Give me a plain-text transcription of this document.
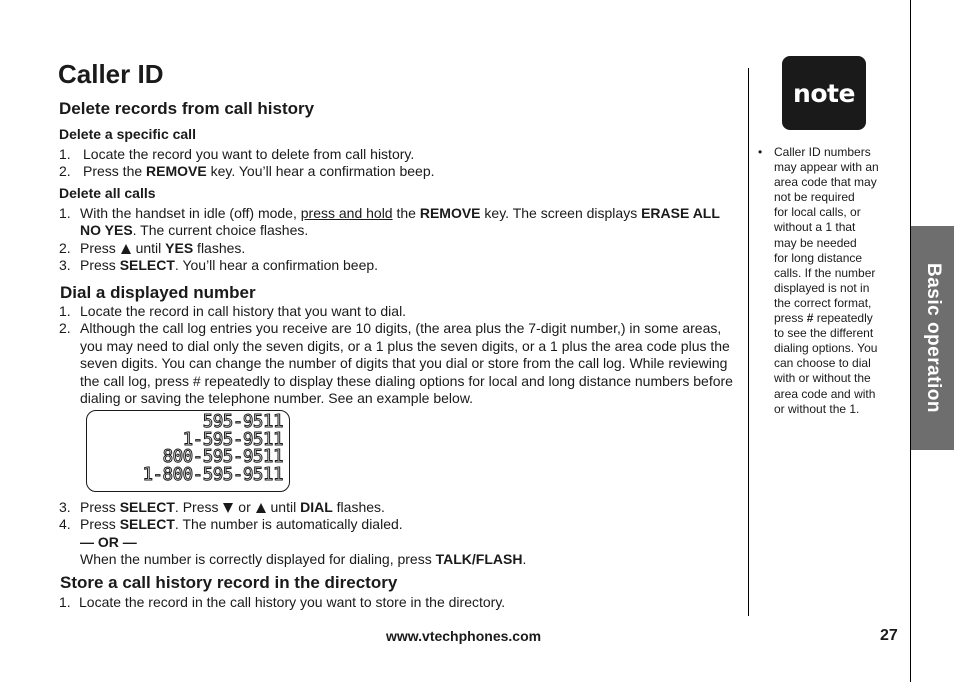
Basic operation
Caller ID
Delete records from call history
Delete a specific call
1. Locate the record you want to delete from call history.
2. Press the REMOVE key. You’ll hear a confirmation beep.
Delete all calls
1. With the handset in idle (off) mode, press and hold the REMOVE key. The screen displays ERASE ALL NO YES. The current choice flashes.
2. Press  until YES flashes.
3. Press SELECT. You’ll hear a confirmation beep.
Dial a displayed number
1. Locate the record in call history that you want to dial.
2. Although the call log entries you receive are 10 digits, (the area plus the 7-digit number,) in some areas, you may need to dial only the seven digits, or a 1 plus the seven digits, or a 1 plus the area code plus the seven digits. You can change the number of digits that you dial or store from the call log. While reviewing the call log, press # repeatedly to display these dialing options for local and long distance numbers before dialing or saving the telephone number. See an example below.
595-9511
1-595-9511
800-595-9511
1-800-595-9511
3. Press SELECT. Press  or  until DIAL flashes.
4. Press SELECT. The number is automatically dialed.
— OR —
When the number is correctly displayed for dialing, press TALK/FLASH.
Store a call history record in the directory
1. Locate the record in the call history you want to store in the directory.
note
• Caller ID numbers
may appear with an
area code that may
not be required
for local calls, or
without a 1 that
may be needed
for long distance
calls. If the number
displayed is not in
the correct format,
press # repeatedly
to see the different
dialing options. You
can choose to dial
with or without the
area code and with
or without the 1.
www.vtechphones.com	27
